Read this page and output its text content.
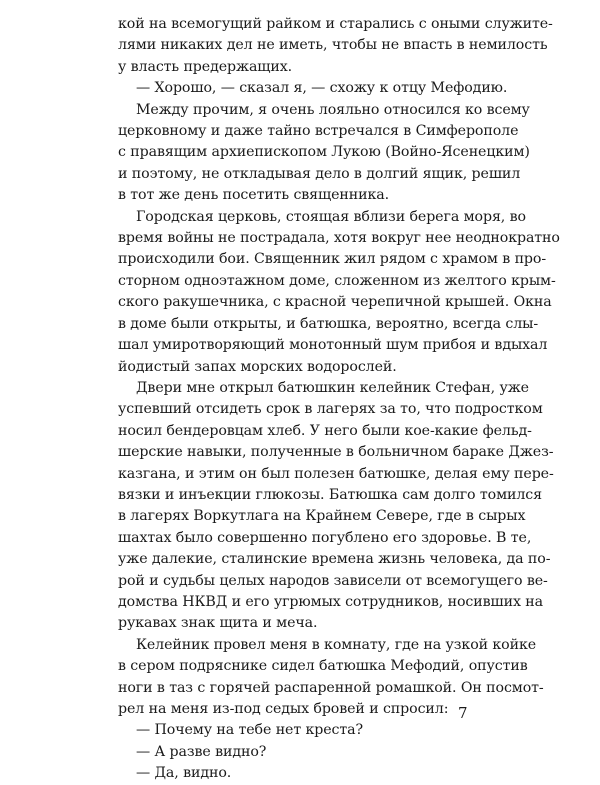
кой на всемогущий райком и старались с оными служите-
лями никаких дел не иметь, чтобы не впасть в немилость
у власть предержащих.
— Хорошо, — сказал я, — схожу к отцу Мефодию.
Между прочим, я очень лояльно относился ко всему
церковному и даже тайно встречался в Симферополе
с правящим архиепископом Лукою (Войно-Ясенецким)
и поэтому, не откладывая дело в долгий ящик, решил
в тот же день посетить священника.
Городская церковь, стоящая вблизи берега моря, во
время войны не пострадала, хотя вокруг нее неоднократно
происходили бои. Священник жил рядом с храмом в про-
сторном одноэтажном доме, сложенном из желтого крым-
ского ракушечника, с красной черепичной крышей. Окна
в доме были открыты, и батюшка, вероятно, всегда слы-
шал умиротворяющий монотонный шум прибоя и вдыхал
йодистый запах морских водорослей.
Двери мне открыл батюшкин келейник Стефан, уже
успевший отсидеть срок в лагерях за то, что подростком
носил бендеровцам хлеб. У него были кое-какие фельд-
шерские навыки, полученные в больничном бараке Джез-
казгана, и этим он был полезен батюшке, делая ему пере-
вязки и инъекции глюкозы. Батюшка сам долго томился
в лагерях Воркутлага на Крайнем Севере, где в сырых
шахтах было совершенно погублено его здоровье. В те,
уже далекие, сталинские времена жизнь человека, да по-
рой и судьбы целых народов зависели от всемогущего ве-
домства НКВД и его угрюмых сотрудников, носивших на
рукавах знак щита и меча.
Келейник провел меня в комнату, где на узкой койке
в сером подряснике сидел батюшка Мефодий, опустив
ноги в таз с горячей распаренной ромашкой. Он посмот-
рел на меня из-под седых бровей и спросил:
— Почему на тебе нет креста?
— А разве видно?
— Да, видно.
7
